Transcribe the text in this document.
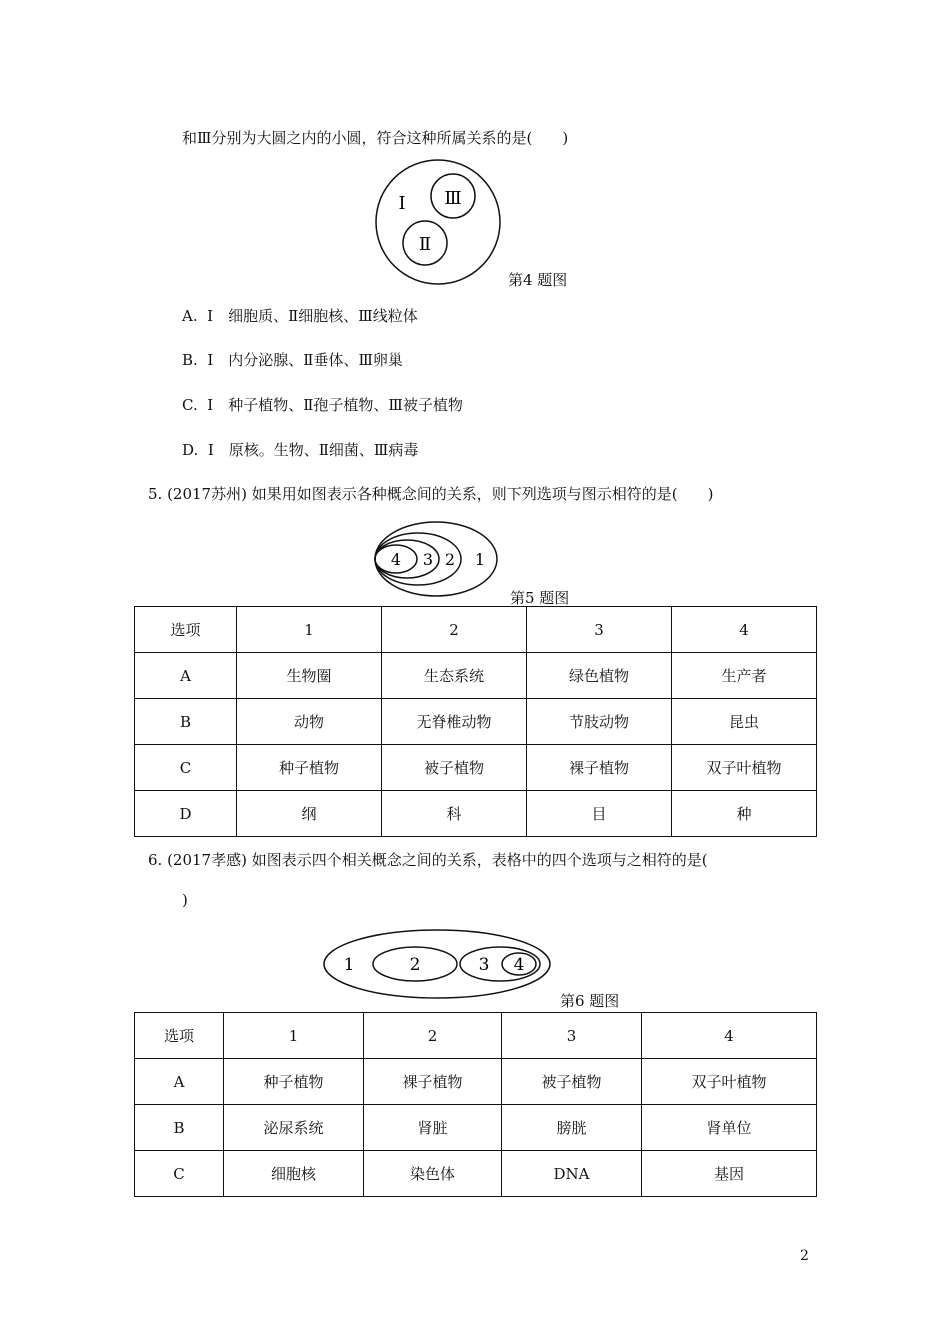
和Ⅲ分别为大圆之内的小圆，符合这种所属关系的是(　　)
Ⅰ
Ⅱ
Ⅲ
第4 题图
A. Ⅰ　细胞质、Ⅱ细胞核、Ⅲ线粒体
B. Ⅰ　内分泌腺、Ⅱ垂体、Ⅲ卵巢
C. Ⅰ　种子植物、Ⅱ孢子植物、Ⅲ被子植物
D. Ⅰ　原核。生物、Ⅱ细菌、Ⅲ病毒
5. (2017苏州) 如果用如图表示各种概念间的关系，则下列选项与图示相符的是(　　)
4 3 2 1
第5 题图
选项	1	2	3	4
A	生物圈	生态系统	绿色植物	生产者
B	动物	无脊椎动物	节肢动物	昆虫
C	种子植物	被子植物	裸子植物	双子叶植物
D	纲	科	目	种
6. (2017孝感) 如图表示四个相关概念之间的关系，表格中的四个选项与之相符的是(
)
1	2	3 4
第6 题图
选项	1	2	3	4
A	种子植物	裸子植物	被子植物	双子叶植物
B	泌尿系统	肾脏	膀胱	肾单位
C	细胞核	染色体	DNA	基因
2
